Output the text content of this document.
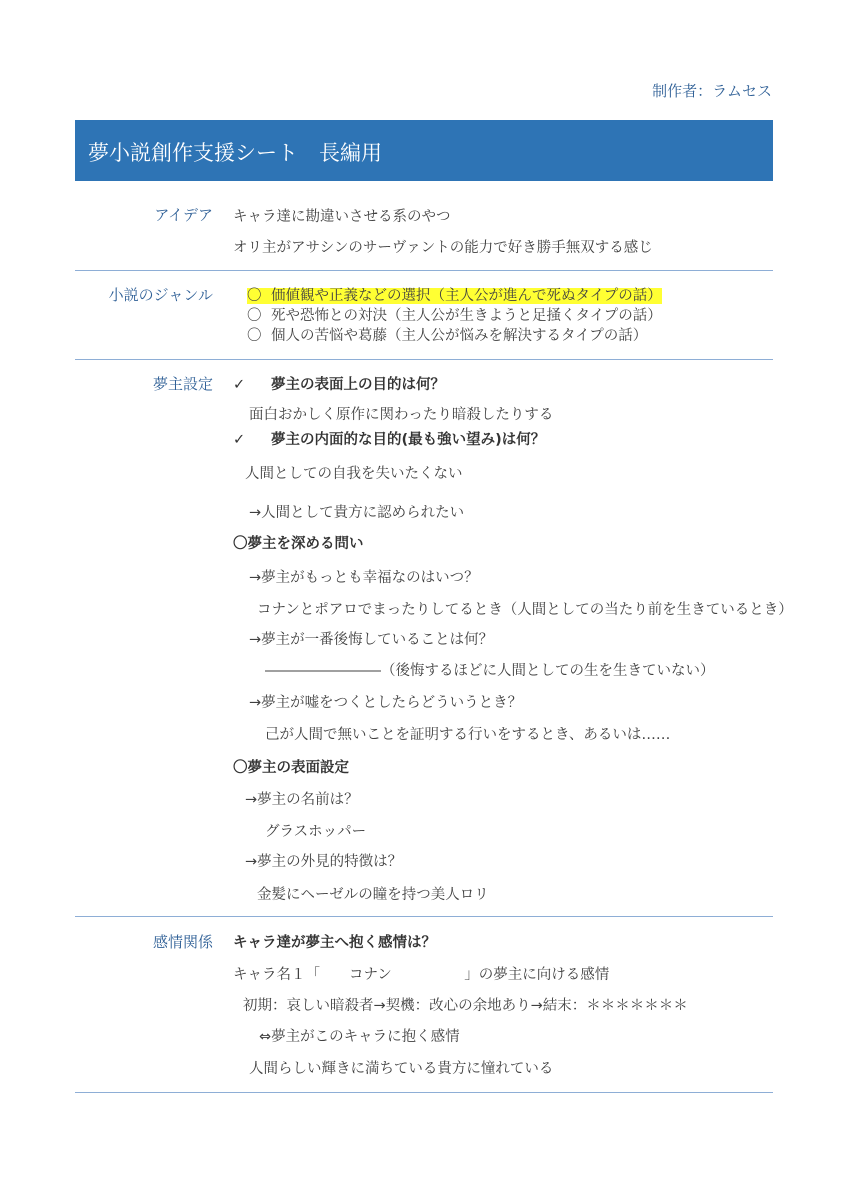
制作者：ラムセス
夢小説創作支援シート　長編用
アイデア キャラ達に勘違いさせる系のやつ
オリ主がアサシンのサーヴァントの能力で好き勝手無双する感じ
小説のジャンル 〇 価値観や正義などの選択（主人公が進んで死ぬタイプの話）
〇 死や恐怖との対決（主人公が生きようと足掻くタイプの話）
〇 個人の苦悩や葛藤（主人公が悩みを解決するタイプの話）
夢主設定 ✓ 夢主の表面上の目的は何？
面白おかしく原作に関わったり暗殺したりする
✓ 夢主の内面的な目的(最も強い望み)は何？
人間としての自我を失いたくない
→人間として貴方に認められたい
〇夢主を深める問い
→夢主がもっとも幸福なのはいつ？
コナンとポアロでまったりしてるとき（人間としての当たり前を生きているとき）
→夢主が一番後悔していることは何？
――――――――（後悔するほどに人間としての生を生きていない）
→夢主が嘘をつくとしたらどういうとき？
己が人間で無いことを証明する行いをするとき、あるいは……
〇夢主の表面設定
→夢主の名前は？
グラスホッパー
→夢主の外見的特徴は？
金髪にヘーゼルの瞳を持つ美人ロリ
感情関係 キャラ達が夢主へ抱く感情は？
キャラ名１「　　コナン　　　　　」の夢主に向ける感情
初期：哀しい暗殺者→契機：改心の余地あり→結末：＊＊＊＊＊＊＊
⇔夢主がこのキャラに抱く感情
人間らしい輝きに満ちている貴方に憧れている
